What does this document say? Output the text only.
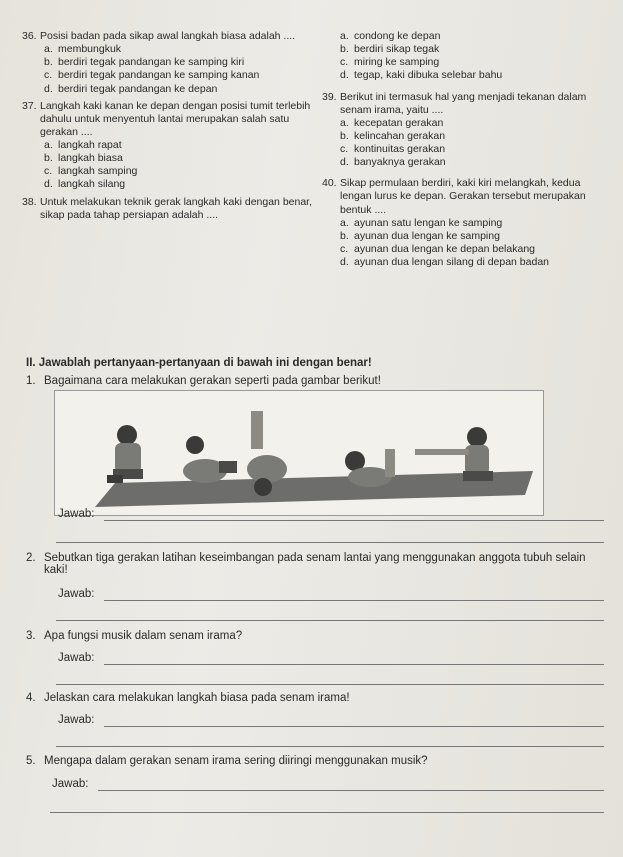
36. Posisi badan pada sikap awal langkah biasa adalah ....
a. membungkuk
b. berdiri tegak pandangan ke samping kiri
c. berdiri tegak pandangan ke samping kanan
d. berdiri tegak pandangan ke depan
37. Langkah kaki kanan ke depan dengan posisi tumit terlebih dahulu untuk menyentuh lantai merupakan salah satu gerakan ....
a. langkah rapat
b. langkah biasa
c. langkah samping
d. langkah silang
38. Untuk melakukan teknik gerak langkah kaki dengan benar, sikap pada tahap persiapan adalah ....
a. condong ke depan
b. berdiri sikap tegak
c. miring ke samping
d. tegap, kaki dibuka selebar bahu
39. Berikut ini termasuk hal yang menjadi tekanan dalam senam irama, yaitu ....
a. kecepatan gerakan
b. kelincahan gerakan
c. kontinuitas gerakan
d. banyaknya gerakan
40. Sikap permulaan berdiri, kaki kiri melangkah, kedua lengan lurus ke depan. Gerakan tersebut merupakan bentuk ....
a. ayunan satu lengan ke samping
b. ayunan dua lengan ke samping
c. ayunan dua lengan ke depan belakang
d. ayunan dua lengan silang di depan badan
II. Jawablah pertanyaan-pertanyaan di bawah ini dengan benar!
1. Bagaimana cara melakukan gerakan seperti pada gambar berikut!
Jawab:
2. Sebutkan tiga gerakan latihan keseimbangan pada senam lantai yang menggunakan anggota tubuh selain kaki!
Jawab:
3. Apa fungsi musik dalam senam irama?
Jawab:
4. Jelaskan cara melakukan langkah biasa pada senam irama!
Jawab:
5. Mengapa dalam gerakan senam irama sering diiringi menggunakan musik?
Jawab:
